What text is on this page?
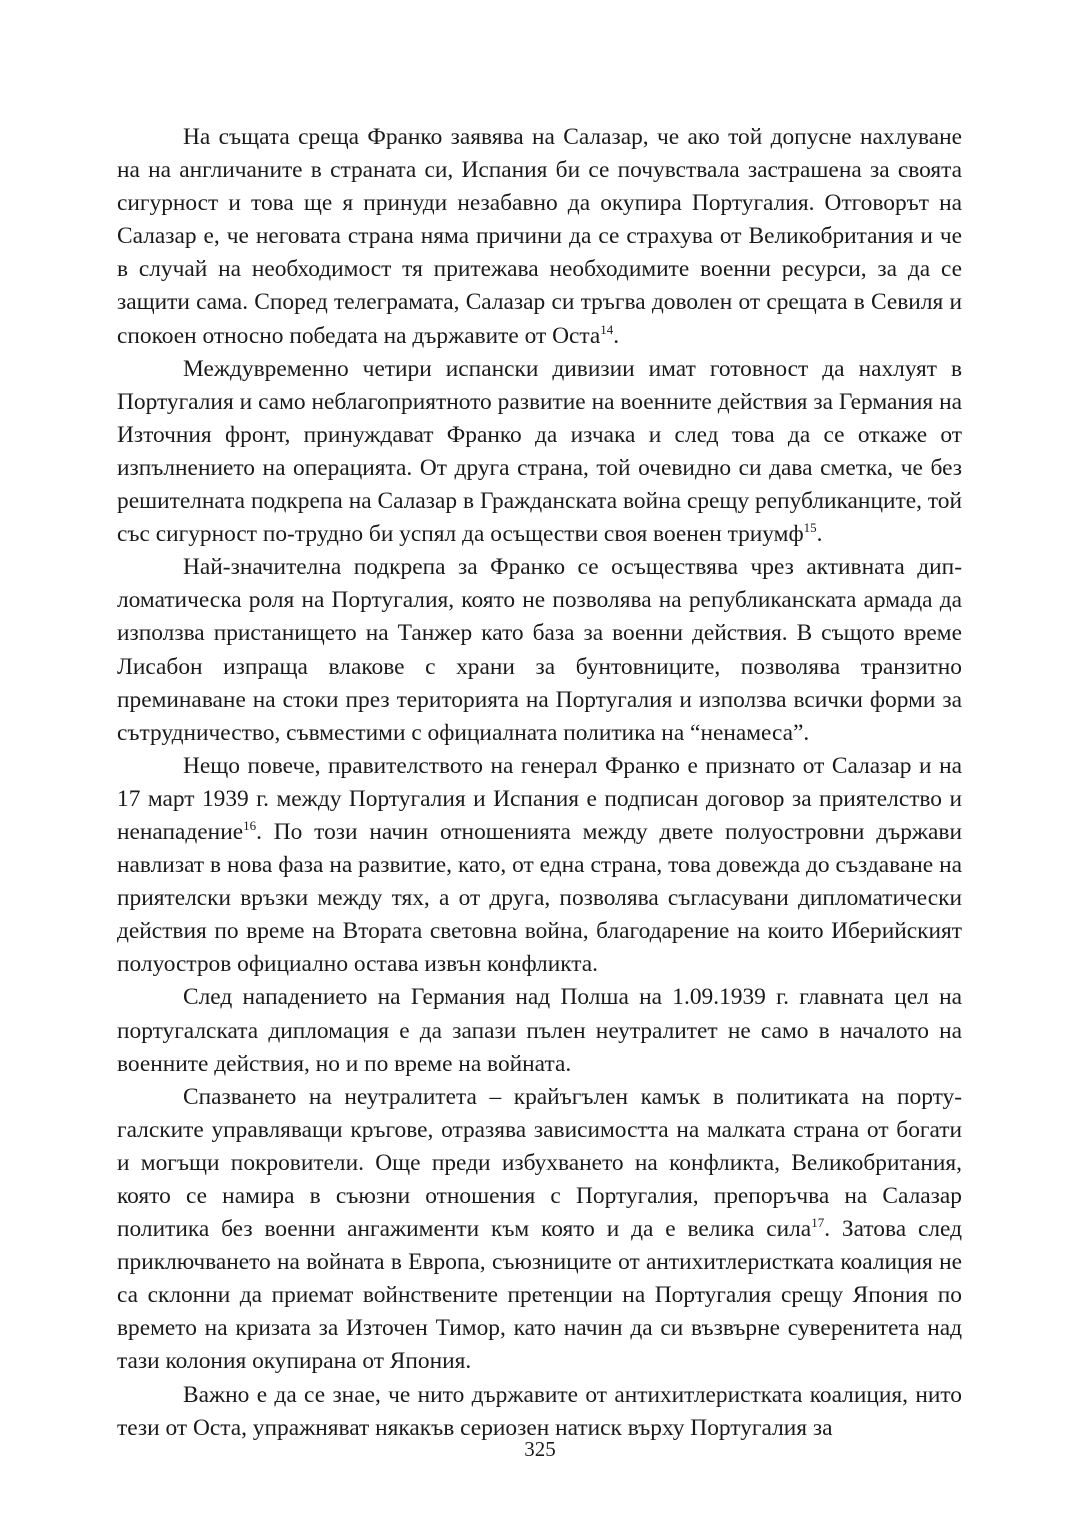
На същата среща Франко заявява на Салазар, че ако той допусне нахлуване на на англичаните в страната си, Испания би се почувствала застрашена за своята сигурност и това ще я принуди незабавно да окупира Португалия. Отговорът на Салазар е, че неговата страна няма причини да се страхува от Великобритания и че в случай на необходимост тя притежава необходимите военни ресурси, за да се защити сама. Според телеграмата, Салазар си тръгва доволен от срещата в Севиля и спокоен относно победата на държавите от Оста$^{14}$.

Междувременно четири испански дивизии имат готовност да нахлуят в Португалия и само неблагоприятното развитие на военните действия за Германия на Източния фронт, принуждават Франко да изчака и след това да се откаже от изпълнението на операцията. От друга страна, той очевидно си дава сметка, че без решителната подкрепа на Салазар в Гражданската война срещу републиканците, той със сигурност по-трудно би успял да осъществи своя военен триумф$^{15}$.

Най-значителна подкрепа за Франко се осъществява чрез активната дипломатическа роля на Португалия, която не позволява на републиканската армада да използва пристанището на Танжер като база за военни действия. В същото време Лисабон изпраща влакове с храни за бунтовниците, позволява транзитно преминаване на стоки през територията на Португалия и използва всички форми за сътрудничество, съвместими с официалната политика на “ненамеса”.

Нещо повече, правителството на генерал Франко е признато от Салазар и на 17 март 1939 г. между Португалия и Испания е подписан договор за приятелство и ненападение$^{16}$. По този начин отношенията между двете полуостровни държави навлизат в нова фаза на развитие, като, от една страна, това довежда до създаване на приятелски връзки между тях, а от друга, позволява съгласувани дипломатически действия по време на Втората световна война, благодарение на които Иберийският полуостров официално остава извън конфликта.

След нападението на Германия над Полша на 1.09.1939 г. главната цел на португалската дипломация е да запази пълен неутралитет не само в началото на военните действия, но и по време на войната.

Спазването на неутралитета – крайъгълен камък в политиката на португалските управляващи кръгове, отразява зависимостта на малката страна от богати и могъщи покровители. Още преди избухването на конфликта, Великобритания, която се намира в съюзни отношения с Португалия, препоръчва на Салазар политика без военни ангажименти към която и да е велика сила$^{17}$. Затова след приключването на войната в Европа, съюзниците от антихитлеристката коалиция не са склонни да приемат войнствените претенции на Португалия срещу Япония по времето на кризата за Източен Тимор, като начин да си възвърне суверенитета над тази колония окупирана от Япония.

Важно е да се знае, че нито държавите от антихитлеристката коалиция, нито тези от Оста, упражняват някакъв сериозен натиск върху Португалия за

325
